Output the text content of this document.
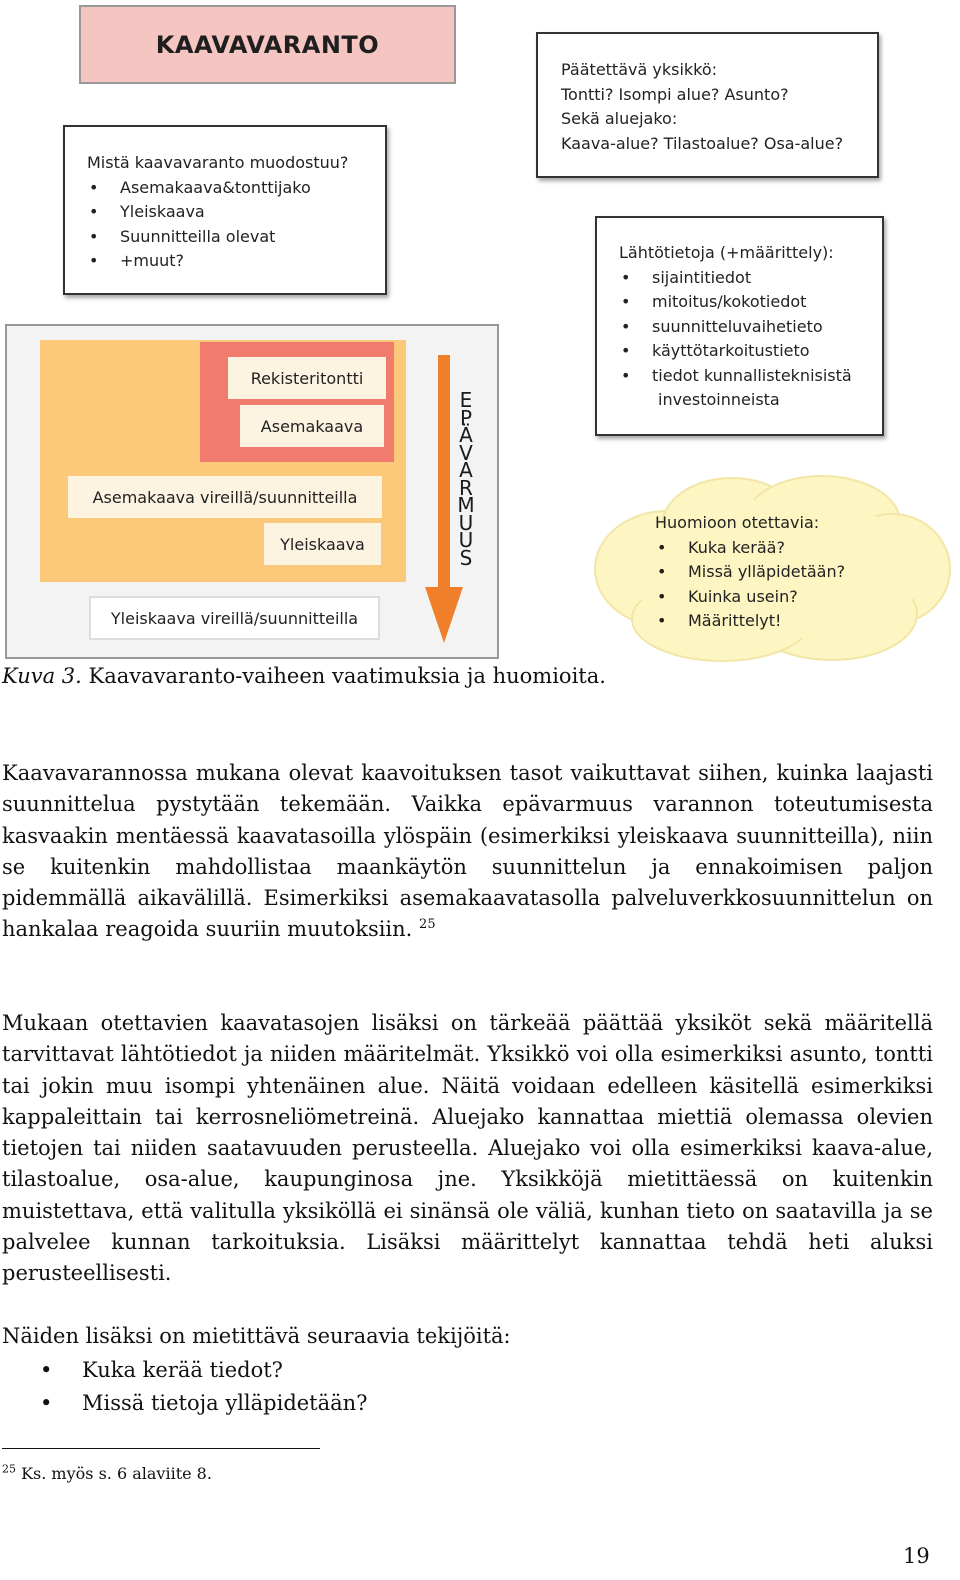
KAAVAVARANTO
Päätettävä yksikkö:
Tontti? Isompi alue? Asunto?
Sekä aluejako:
Kaava-alue? Tilastoalue? Osa-alue?
Mistä kaavavaranto muodostuu?
• Asemakaava&tonttijako
• Yleiskaava
• Suunnitteilla olevat
• +muut?	Lähtötietoja (+määrittely):
• sijaintitiedot
• mitoitus/kokotiedot
• suunnitteluvaihetieto
• käyttötarkoitustieto
• tiedot kunnallisteknisistä
investoinneista
Rekisteritontti
Asemakaava
Asemakaava vireillä/suunnitteilla
Yleiskaava
Yleiskaava vireillä/suunnitteilla
E
P
Ä
V
A
R
M
U
U
S
Huomioon otettavia:
• Kuka kerää?
• Missä ylläpidetään?
• Kuinka usein?
• Määrittelyt!
Kuva 3. Kaavavaranto-vaiheen vaatimuksia ja huomioita.
Kaavavarannossa mukana olevat kaavoituksen tasot vaikuttavat siihen, kuinka laajasti suunnittelua pystytään tekemään. Vaikka epävarmuus varannon toteutumisesta kasvaakin mentäessä kaavatasoilla ylöspäin (esimerkiksi yleiskaava suunnitteilla), niin se kuitenkin mahdollistaa maankäytön suunnittelun ja ennakoimisen paljon pidemmällä aikavälillä. Esimerkiksi asemakaavatasolla palveluverkkosuunnittelun on hankalaa reagoida suuriin muutoksiin. $^{25}$
Mukaan otettavien kaavatasojen lisäksi on tärkeää päättää yksiköt sekä määritellä tarvittavat lähtötiedot ja niiden määritelmät. Yksikkö voi olla esimerkiksi asunto, tontti tai jokin muu isompi yhtenäinen alue. Näitä voidaan edelleen käsitellä esimerkiksi kappaleittain tai kerrosneliömetreinä. Aluejako kannattaa miettiä olemassa olevien tietojen tai niiden saatavuuden perusteella. Aluejako voi olla esimerkiksi kaava-alue, tilastoalue, osa-alue, kaupunginosa jne. Yksikköjä mietittäessä on kuitenkin muistettava, että valitulla yksiköllä ei sinänsä ole väliä, kunhan tieto on saatavilla ja se palvelee kunnan tarkoituksia. Lisäksi määrittelyt kannattaa tehdä heti aluksi perusteellisesti.
Näiden lisäksi on mietittävä seuraavia tekijöitä:
• Kuka kerää tiedot?
• Missä tietoja ylläpidetään?
$^{25}$ Ks. myös s. 6 alaviite 8.
19
